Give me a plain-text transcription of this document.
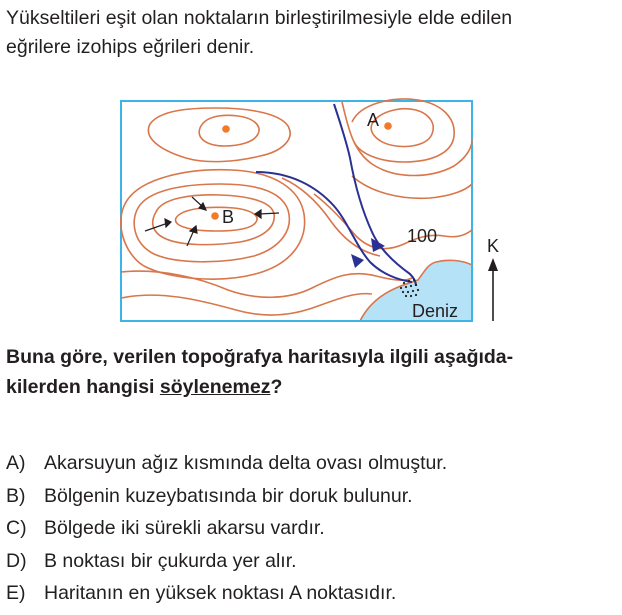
Yükseltileri eşit olan noktaların birleştirilmesiyle elde edilen
eğrilere izohips eğrileri denir.
A
B
100
Deniz
K
Buna göre, verilen topoğrafya haritasıyla ilgili aşağıda-
kilerden hangisi söylenemez?
A) Akarsuyun ağız kısmında delta ovası olmuştur.
B) Bölgenin kuzeybatısında bir doruk bulunur.
C) Bölgede iki sürekli akarsu vardır.
D) B noktası bir çukurda yer alır.
E) Haritanın en yüksek noktası A noktasıdır.
